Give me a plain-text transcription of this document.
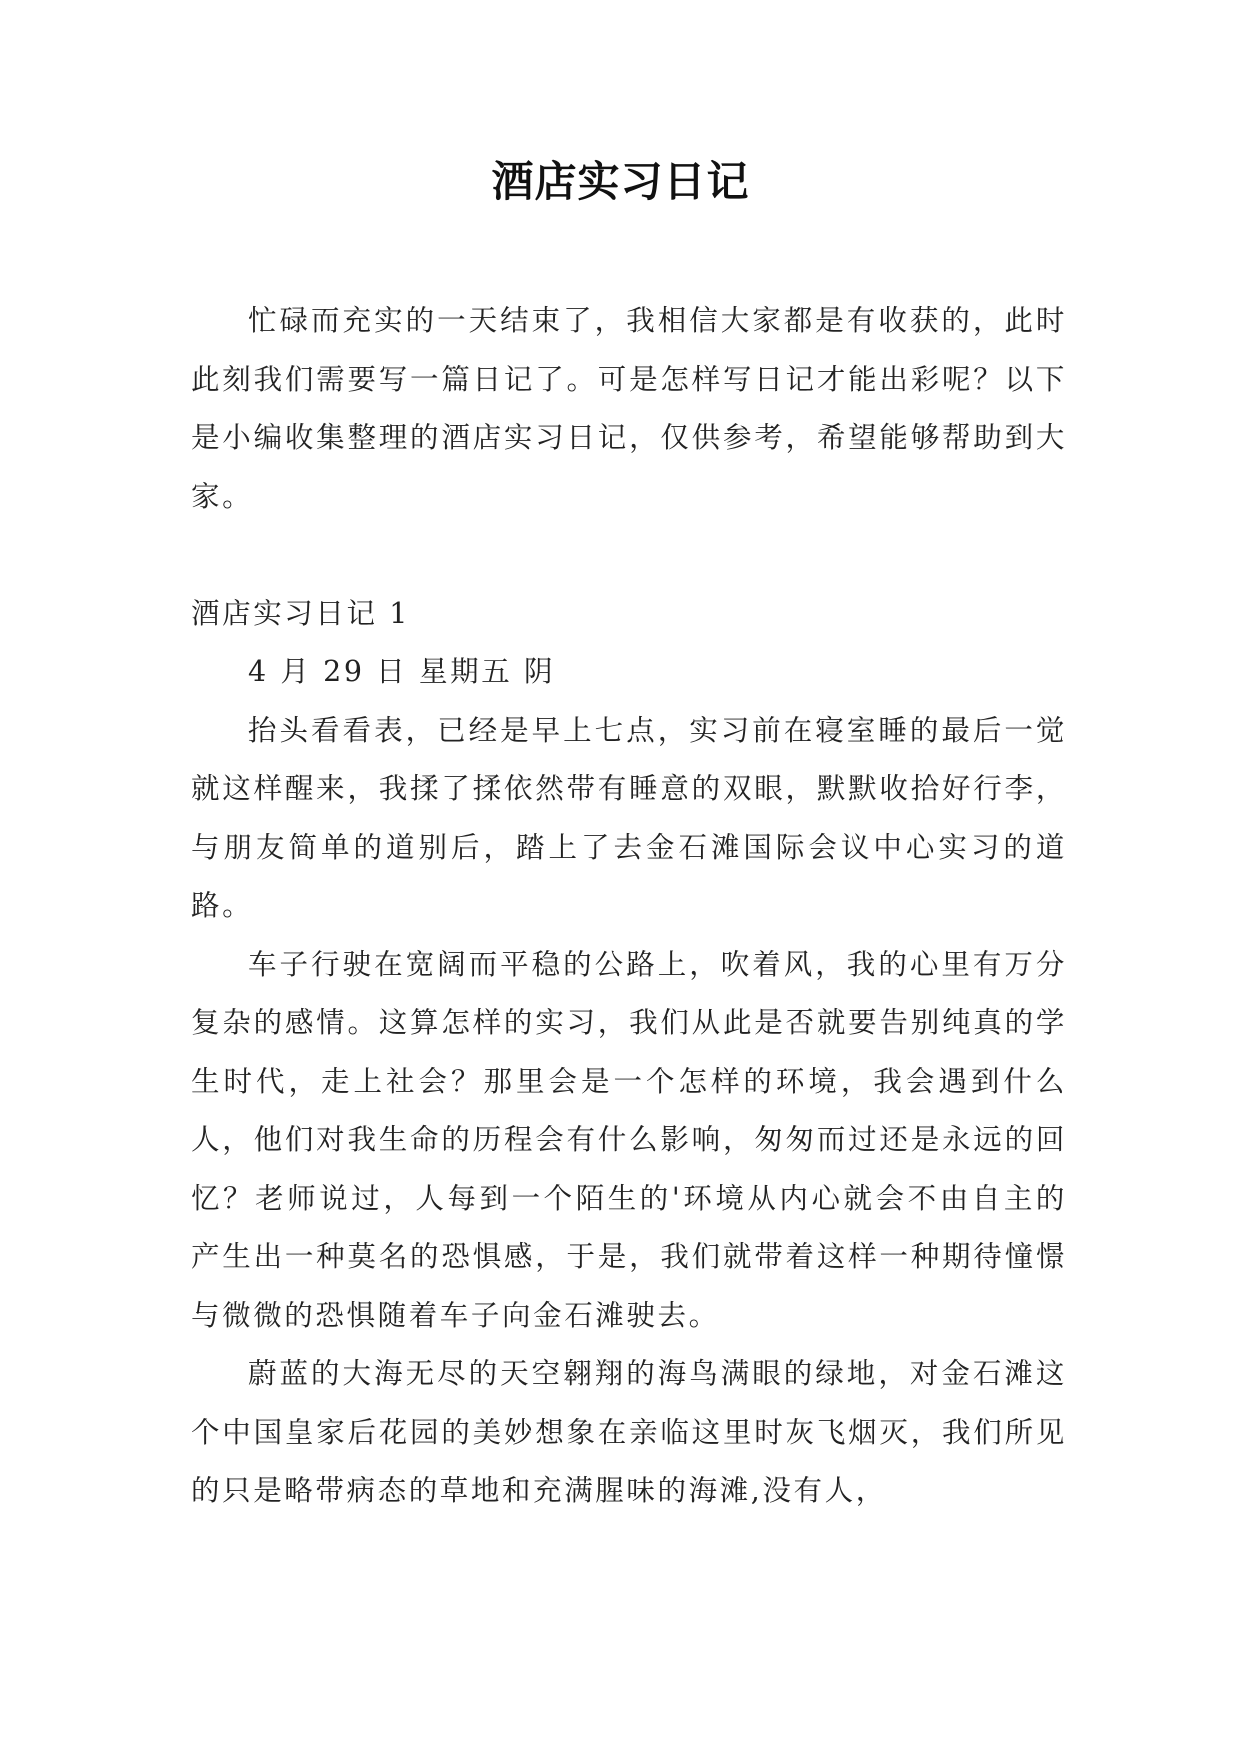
酒店实习日记

忙碌而充实的一天结束了，我相信大家都是有收获的，此时此刻我们需要写一篇日记了。可是怎样写日记才能出彩呢？以下是小编收集整理的酒店实习日记，仅供参考，希望能够帮助到大家。

酒店实习日记 1

4 月 29 日 星期五 阴

抬头看看表，已经是早上七点，实习前在寝室睡的最后一觉就这样醒来，我揉了揉依然带有睡意的双眼，默默收拾好行李，与朋友简单的道别后，踏上了去金石滩国际会议中心实习的道路。

车子行驶在宽阔而平稳的公路上，吹着风，我的心里有万分复杂的感情。这算怎样的实习，我们从此是否就要告别纯真的学生时代，走上社会？那里会是一个怎样的环境，我会遇到什么人，他们对我生命的历程会有什么影响，匆匆而过还是永远的回忆？老师说过，人每到一个陌生的'环境从内心就会不由自主的产生出一种莫名的恐惧感，于是，我们就带着这样一种期待憧憬与微微的恐惧随着车子向金石滩驶去。

蔚蓝的大海无尽的天空翱翔的海鸟满眼的绿地，对金石滩这个中国皇家后花园的美妙想象在亲临这里时灰飞烟灭，我们所见的只是略带病态的草地和充满腥味的海滩,没有人，
